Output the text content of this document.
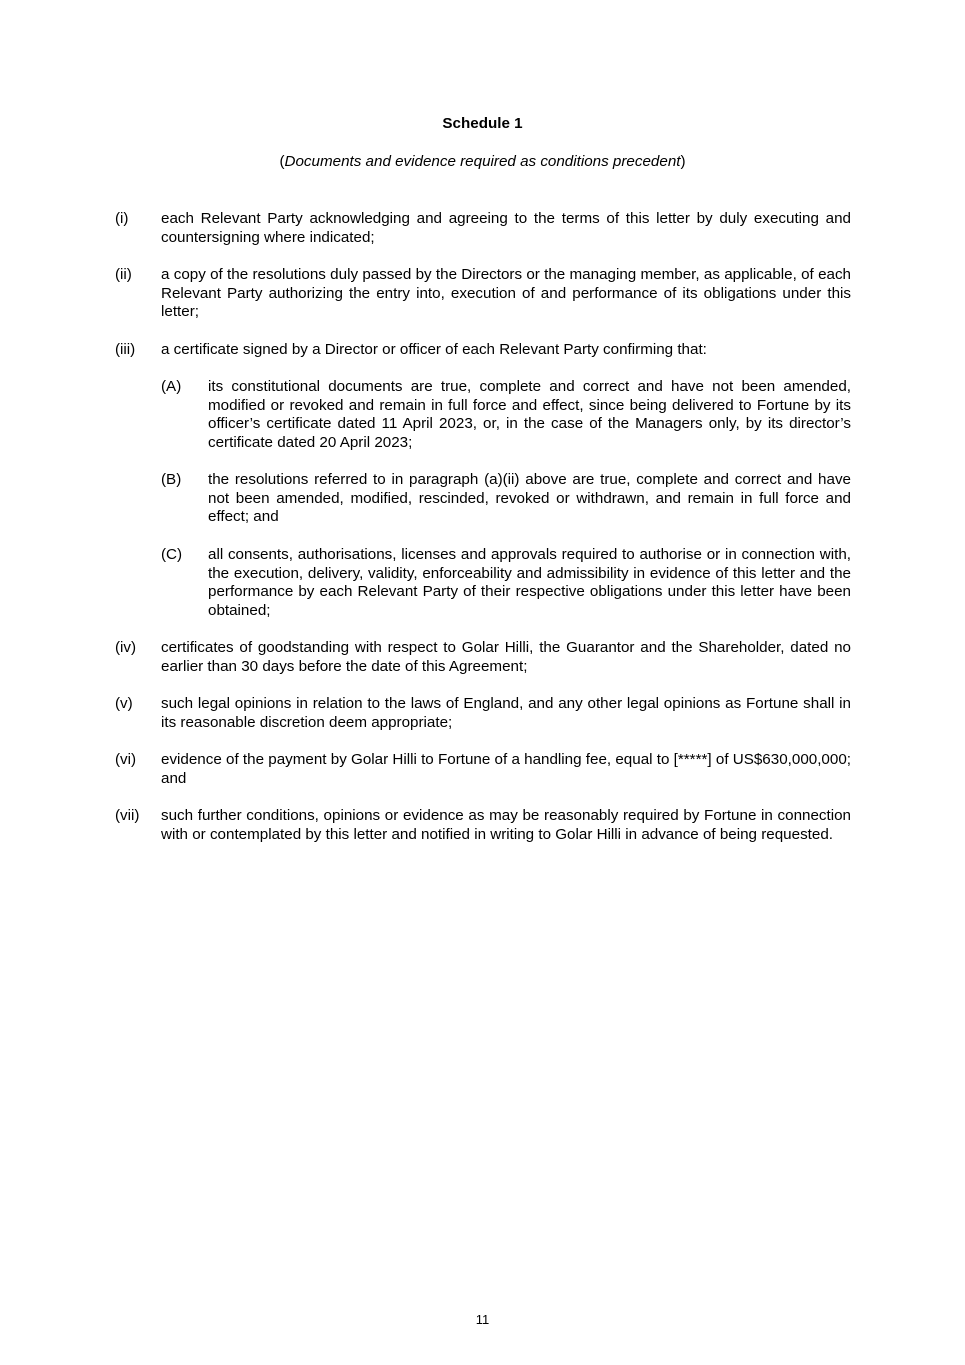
Schedule 1
(Documents and evidence required as conditions precedent)
(i) each Relevant Party acknowledging and agreeing to the terms of this letter by duly executing and countersigning where indicated;
(ii) a copy of the resolutions duly passed by the Directors or the managing member, as applicable, of each Relevant Party authorizing the entry into, execution of and performance of its obligations under this letter;
(iii) a certificate signed by a Director or officer of each Relevant Party confirming that:
(A) its constitutional documents are true, complete and correct and have not been amended, modified or revoked and remain in full force and effect, since being delivered to Fortune by its officer’s certificate dated 11 April 2023, or, in the case of the Managers only, by its director’s certificate dated 20 April 2023;
(B) the resolutions referred to in paragraph (a)(ii) above are true, complete and correct and have not been amended, modified, rescinded, revoked or withdrawn, and remain in full force and effect; and
(C) all consents, authorisations, licenses and approvals required to authorise or in connection with, the execution, delivery, validity, enforceability and admissibility in evidence of this letter and the performance by each Relevant Party of their respective obligations under this letter have been obtained;
(iv) certificates of goodstanding with respect to Golar Hilli, the Guarantor and the Shareholder, dated no earlier than 30 days before the date of this Agreement;
(v) such legal opinions in relation to the laws of England, and any other legal opinions as Fortune shall in its reasonable discretion deem appropriate;
(vi) evidence of the payment by Golar Hilli to Fortune of a handling fee, equal to [*****] of US$630,000,000; and
(vii) such further conditions, opinions or evidence as may be reasonably required by Fortune in connection with or contemplated by this letter and notified in writing to Golar Hilli in advance of being requested.
11
